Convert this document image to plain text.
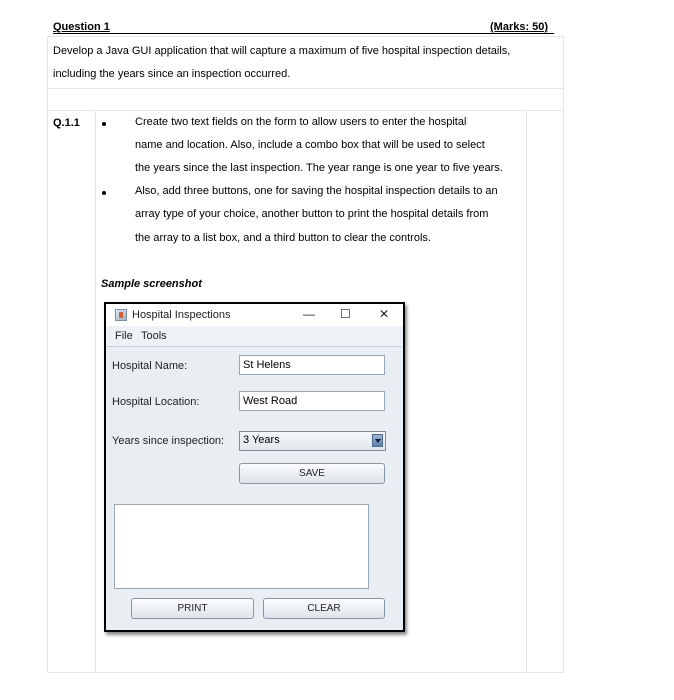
Question 1	(Marks: 50)
Develop a Java GUI application that will capture a maximum of five hospital inspection details,
including the years since an inspection occurred.
Q.1.1	Create two text fields on the form to allow users to enter the hospital
name and location. Also, include a combo box that will be used to select
the years since the last inspection. The year range is one year to five years.
Also, add three buttons, one for saving the hospital inspection details to an
array type of your choice, another button to print the hospital details from
the array to a list box, and a third button to clear the controls.
Sample screenshot
Hospital Inspections	— ☐ ✕
File Tools
Hospital Name:	St Helens
Hospital Location:	West Road
Years since inspection:	3 Years
SAVE
PRINT	CLEAR
